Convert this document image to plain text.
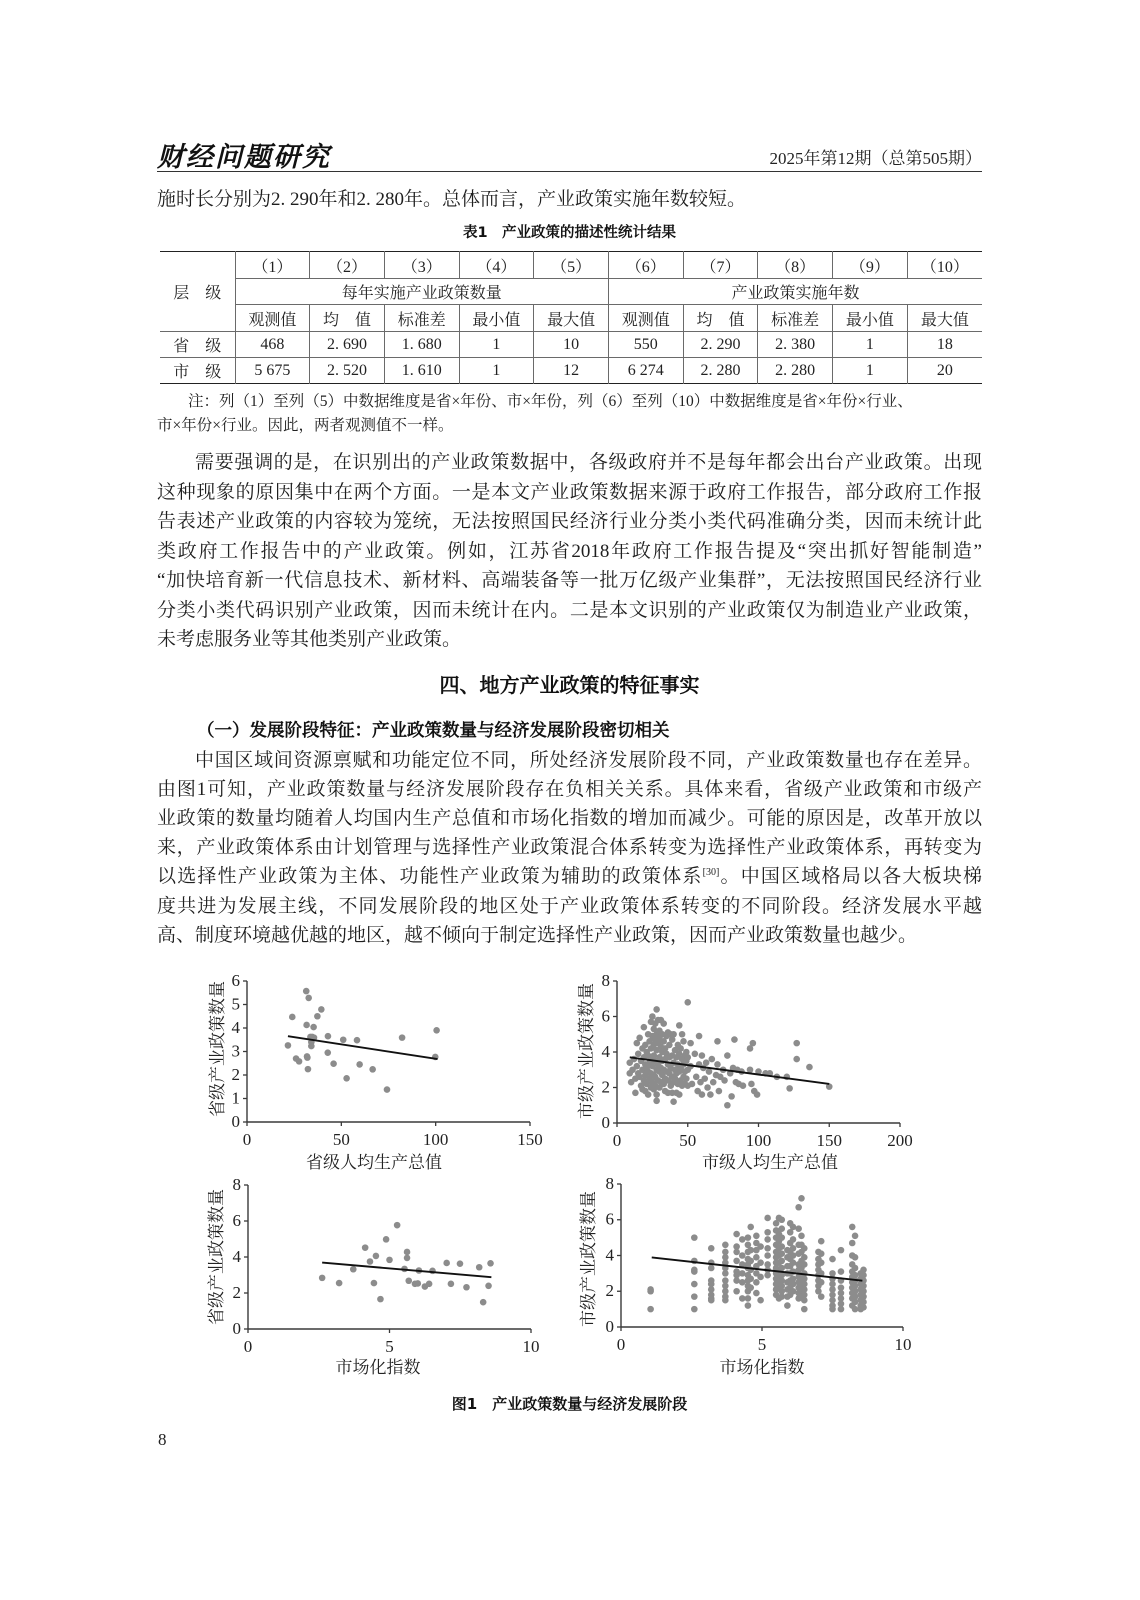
财经问题研究	2025年第12期（总第505期）
施时长分别为2. 290年和2. 280年。总体而言，产业政策实施年数较短。
表1　产业政策的描述性统计结果
层　级	（1）	（2）	（3）	（4）	（5）	（6）	（7）	（8）	（9）	（10）
	每年实施产业政策数量					产业政策实施年数				
	观测值	均　值	标准差	最小值	最大值	观测值	均　值	标准差	最小值	最大值
省　级	468	2. 690	1. 680	1	10	550	2. 290	2. 380	1	18
市　级	5 675	2. 520	1. 610	1	12	6 274	2. 280	2. 280	1	20
注：列（1）至列（5）中数据维度是省×年份、市×年份，列（6）至列（10）中数据维度是省×年份×行业、
市×年份×行业。因此，两者观测值不一样。
需要强调的是，在识别出的产业政策数据中，各级政府并不是每年都会出台产业政策。出现
这种现象的原因集中在两个方面。一是本文产业政策数据来源于政府工作报告，部分政府工作报
告表述产业政策的内容较为笼统，无法按照国民经济行业分类小类代码准确分类，因而未统计此
类政府工作报告中的产业政策。例如，江苏省2018年政府工作报告提及“突出抓好智能制造”
“加快培育新一代信息技术、新材料、高端装备等一批万亿级产业集群”，无法按照国民经济行业
分类小类代码识别产业政策，因而未统计在内。二是本文识别的产业政策仅为制造业产业政策，
未考虑服务业等其他类别产业政策。
四、地方产业政策的特征事实
（一）发展阶段特征：产业政策数量与经济发展阶段密切相关
中国区域间资源禀赋和功能定位不同，所处经济发展阶段不同，产业政策数量也存在差异。
由图1可知，产业政策数量与经济发展阶段存在负相关关系。具体来看，省级产业政策和市级产
业政策的数量均随着人均国内生产总值和市场化指数的增加而减少。可能的原因是，改革开放以
来，产业政策体系由计划管理与选择性产业政策混合体系转变为选择性产业政策体系，再转变为
以选择性产业政策为主体、功能性产业政策为辅助的政策体系[30]。中国区域格局以各大板块梯
度共进为发展主线，不同发展阶段的地区处于产业政策体系转变的不同阶段。经济发展水平越
高、制度环境越优越的地区，越不倾向于制定选择性产业政策，因而产业政策数量也越少。
0	50	100	150
0
1
2
3
4
5
6
0	50	100	150	200
0
2
4
6
8
0	5	10
0
2
4
6
8
0	5	10
0
2
4
6
8
省级产业政策数量	市级产业政策数量
省级产业政策数量	市级产业政策数量
省级人均生产总值	市级人均生产总值
市场化指数	市场化指数
图1　产业政策数量与经济发展阶段
8
